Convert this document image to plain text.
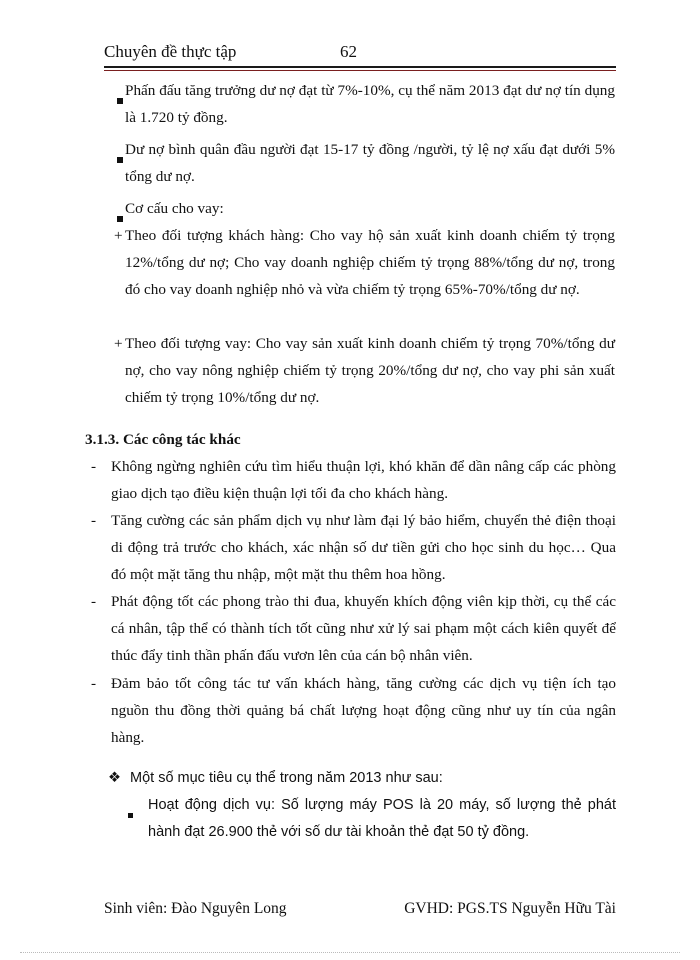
Chuyên đề thực tập	62
Phấn đấu tăng trưởng dư nợ đạt từ 7%-10%, cụ thể năm 2013 đạt dư nợ tín dụng là 1.720 tỷ đồng.
Dư nợ bình quân đầu người đạt 15-17 tỷ đồng /người, tỷ lệ nợ xấu đạt dưới 5% tổng dư nợ.
Cơ cấu cho vay:
+ Theo đối tượng khách hàng: Cho vay hộ sản xuất kinh doanh chiếm tỷ trọng 12%/tổng dư nợ; Cho vay doanh nghiệp chiếm tỷ trọng 88%/tổng dư nợ, trong đó cho vay doanh nghiệp nhỏ và vừa chiếm tỷ trọng 65%-70%/tổng dư nợ.
+ Theo đối tượng vay: Cho vay sản xuất kinh doanh chiếm tỷ trọng 70%/tổng dư nợ, cho vay nông nghiệp chiếm tỷ trọng 20%/tổng dư nợ, cho vay phi sản xuất chiếm tỷ trọng 10%/tổng dư nợ.
3.1.3. Các công tác khác
- Không ngừng nghiên cứu tìm hiểu thuận lợi, khó khăn để dần nâng cấp các phòng giao dịch tạo điều kiện thuận lợi tối đa cho khách hàng.
- Tăng cường các sản phẩm dịch vụ như làm đại lý bảo hiểm, chuyển thẻ điện thoại di động trả trước cho khách, xác nhận số dư tiền gửi cho học sinh du học… Qua đó một mặt tăng thu nhập, một mặt thu thêm hoa hồng.
- Phát động tốt các phong trào thi đua, khuyến khích động viên kịp thời, cụ thể các cá nhân, tập thể có thành tích tốt cũng như xử lý sai phạm một cách kiên quyết để thúc đẩy tinh thần phấn đấu vươn lên của cán bộ nhân viên.
- Đảm bảo tốt công tác tư vấn khách hàng, tăng cường các dịch vụ tiện ích tạo nguồn thu đồng thời quảng bá chất lượng hoạt động cũng như uy tín của ngân hàng.
❖ Một số mục tiêu cụ thể trong năm 2013 như sau:
Hoạt động dịch vụ: Số lượng máy POS là 20 máy, số lượng thẻ phát hành đạt 26.900 thẻ với số dư tài khoản thẻ đạt 50 tỷ đồng.
Sinh viên: Đào Nguyên Long	GVHD: PGS.TS Nguyễn Hữu Tài
